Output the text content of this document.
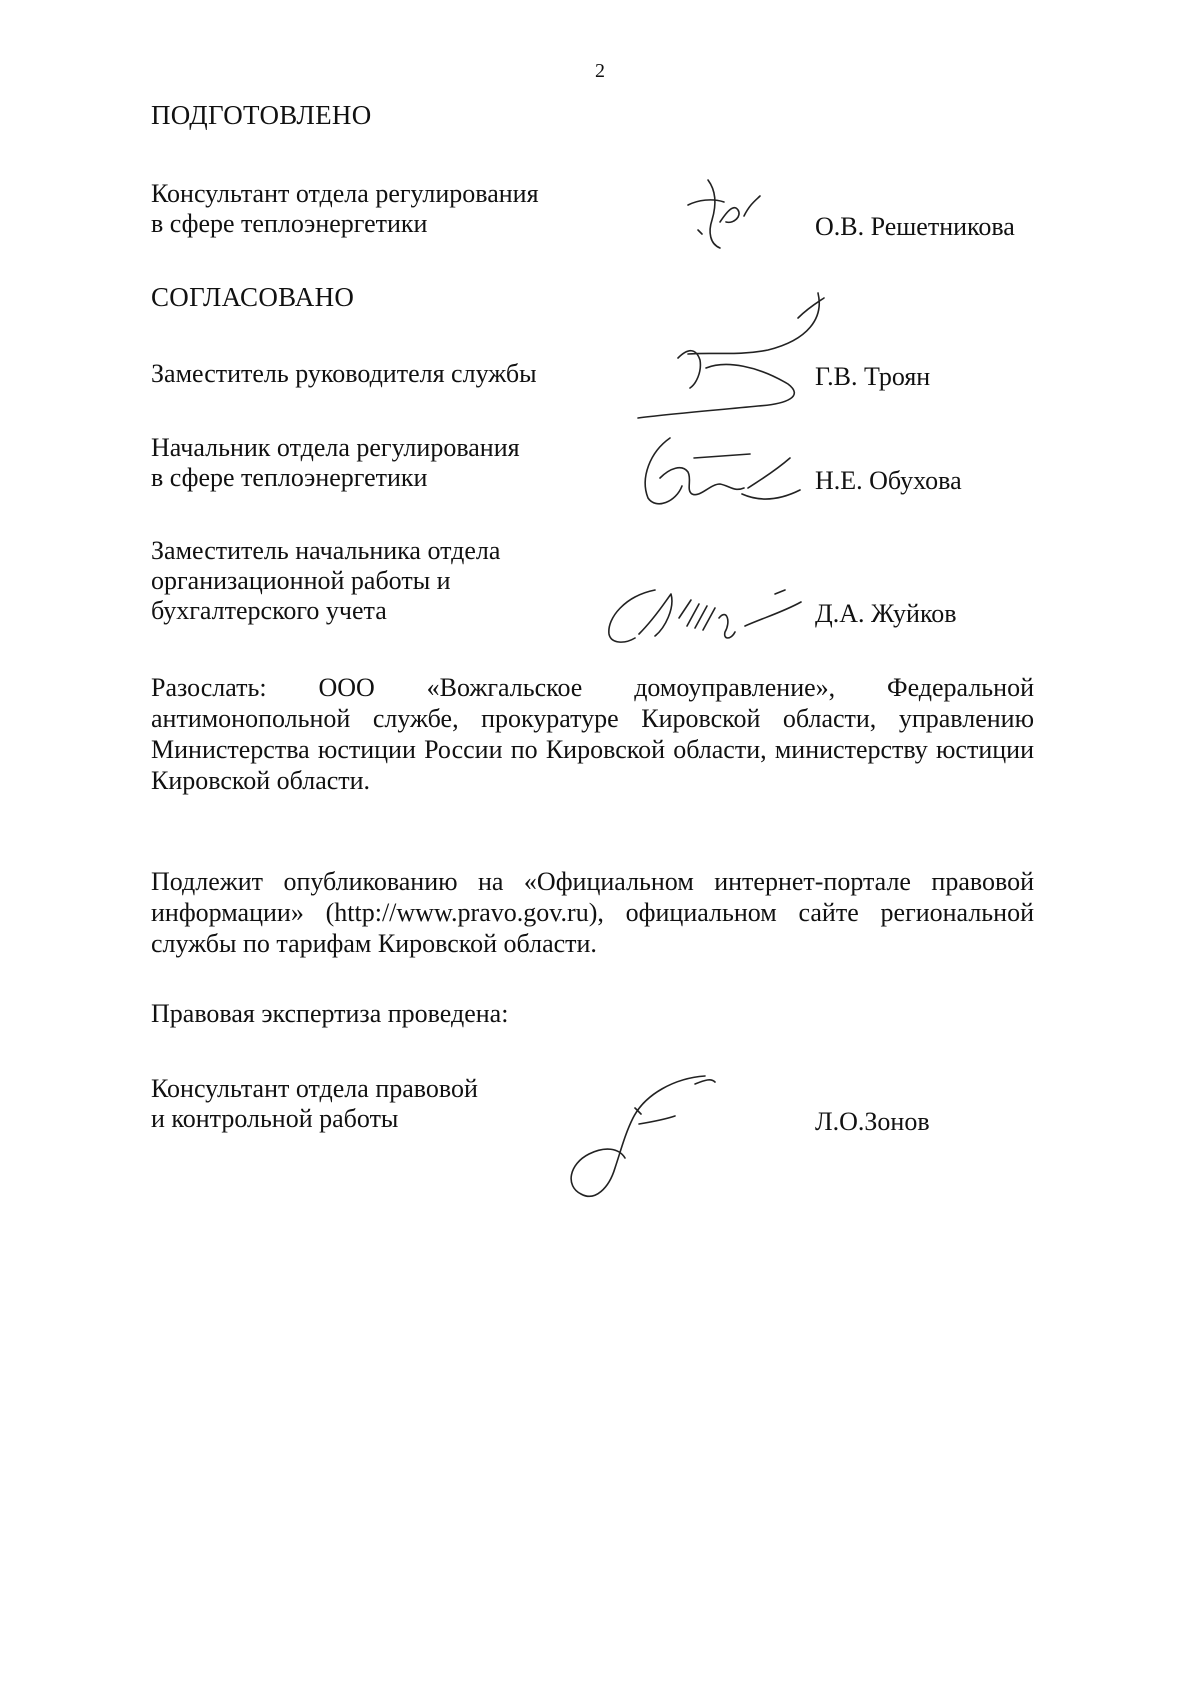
2
ПОДГОТОВЛЕНО
Консультант отдела регулирования
в сфере теплоэнергетики	О.В. Решетникова
СОГЛАСОВАНО
Заместитель руководителя службы	Г.В. Троян
Начальник отдела регулирования
в сфере теплоэнергетики	Н.Е. Обухова
Заместитель начальника отдела
организационной работы и
бухгалтерского учета	Д.А. Жуйков
Разослать: ООО «Вожгальское домоуправление», Федеральной антимонопольной службе, прокуратуре Кировской области, управлению Министерства юстиции России по Кировской области, министерству юстиции Кировской области.
Подлежит опубликованию на «Официальном интернет-портале правовой информации» (http://www.pravo.gov.ru), официальном сайте региональной службы по тарифам Кировской области.
Правовая экспертиза проведена:
Консультант отдела правовой
и контрольной работы	Л.О.Зонов
